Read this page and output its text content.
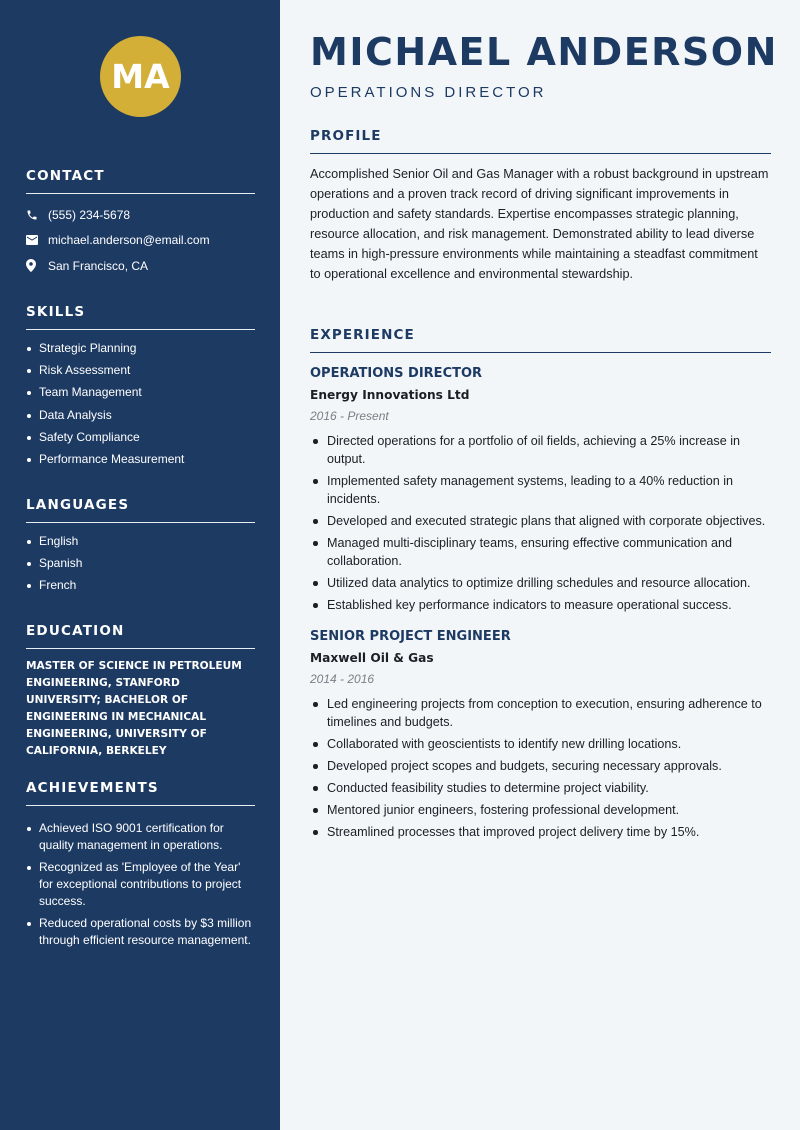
MA
CONTACT
(555) 234-5678
michael.anderson@email.com
San Francisco, CA
SKILLS
Strategic Planning
Risk Assessment
Team Management
Data Analysis
Safety Compliance
Performance Measurement
LANGUAGES
English
Spanish
French
EDUCATION
MASTER OF SCIENCE IN PETROLEUM ENGINEERING, STANFORD UNIVERSITY; BACHELOR OF ENGINEERING IN MECHANICAL ENGINEERING, UNIVERSITY OF CALIFORNIA, BERKELEY
ACHIEVEMENTS
Achieved ISO 9001 certification for quality management in operations.
Recognized as 'Employee of the Year' for exceptional contributions to project success.
Reduced operational costs by $3 million through efficient resource management.
MICHAEL ANDERSON
OPERATIONS DIRECTOR
PROFILE

Accomplished Senior Oil and Gas Manager with a robust background in upstream operations and a proven track record of driving significant improvements in production and safety standards. Expertise encompasses strategic planning, resource allocation, and risk management. Demonstrated ability to lead diverse teams in high-pressure environments while maintaining a steadfast commitment to operational excellence and environmental stewardship.

EXPERIENCE
OPERATIONS DIRECTOR
Energy Innovations Ltd
2016 - Present
Directed operations for a portfolio of oil fields, achieving a 25% increase in output.
Implemented safety management systems, leading to a 40% reduction in incidents.
Developed and executed strategic plans that aligned with corporate objectives.
Managed multi-disciplinary teams, ensuring effective communication and collaboration.
Utilized data analytics to optimize drilling schedules and resource allocation.
Established key performance indicators to measure operational success.
SENIOR PROJECT ENGINEER
Maxwell Oil & Gas
2014 - 2016
Led engineering projects from conception to execution, ensuring adherence to timelines and budgets.
Collaborated with geoscientists to identify new drilling locations.
Developed project scopes and budgets, securing necessary approvals.
Conducted feasibility studies to determine project viability.
Mentored junior engineers, fostering professional development.
Streamlined processes that improved project delivery time by 15%.
